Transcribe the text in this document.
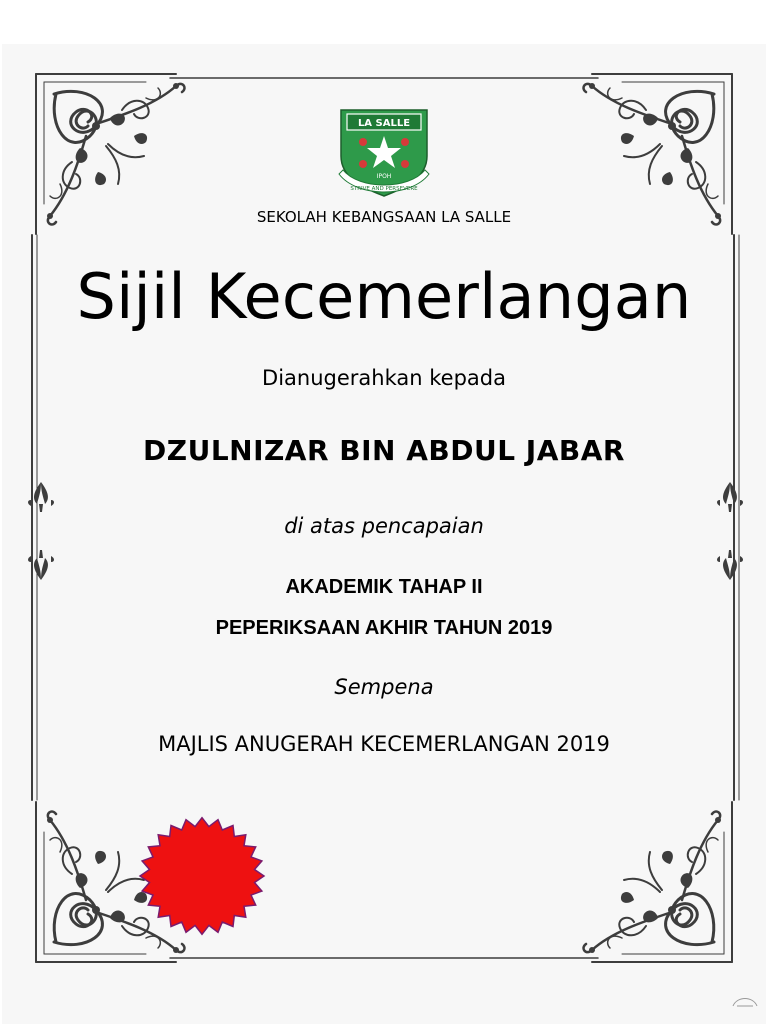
LA SALLE
IPOH
STRIVE AND PERSEVERE
SEKOLAH KEBANGSAAN LA SALLE
Sijil Kecemerlangan
Dianugerahkan kepada
DZULNIZAR BIN ABDUL JABAR
di atas pencapaian
AKADEMIK TAHAP II
PEPERIKSAAN AKHIR TAHUN 2019
Sempena
MAJLIS ANUGERAH KECEMERLANGAN 2019
